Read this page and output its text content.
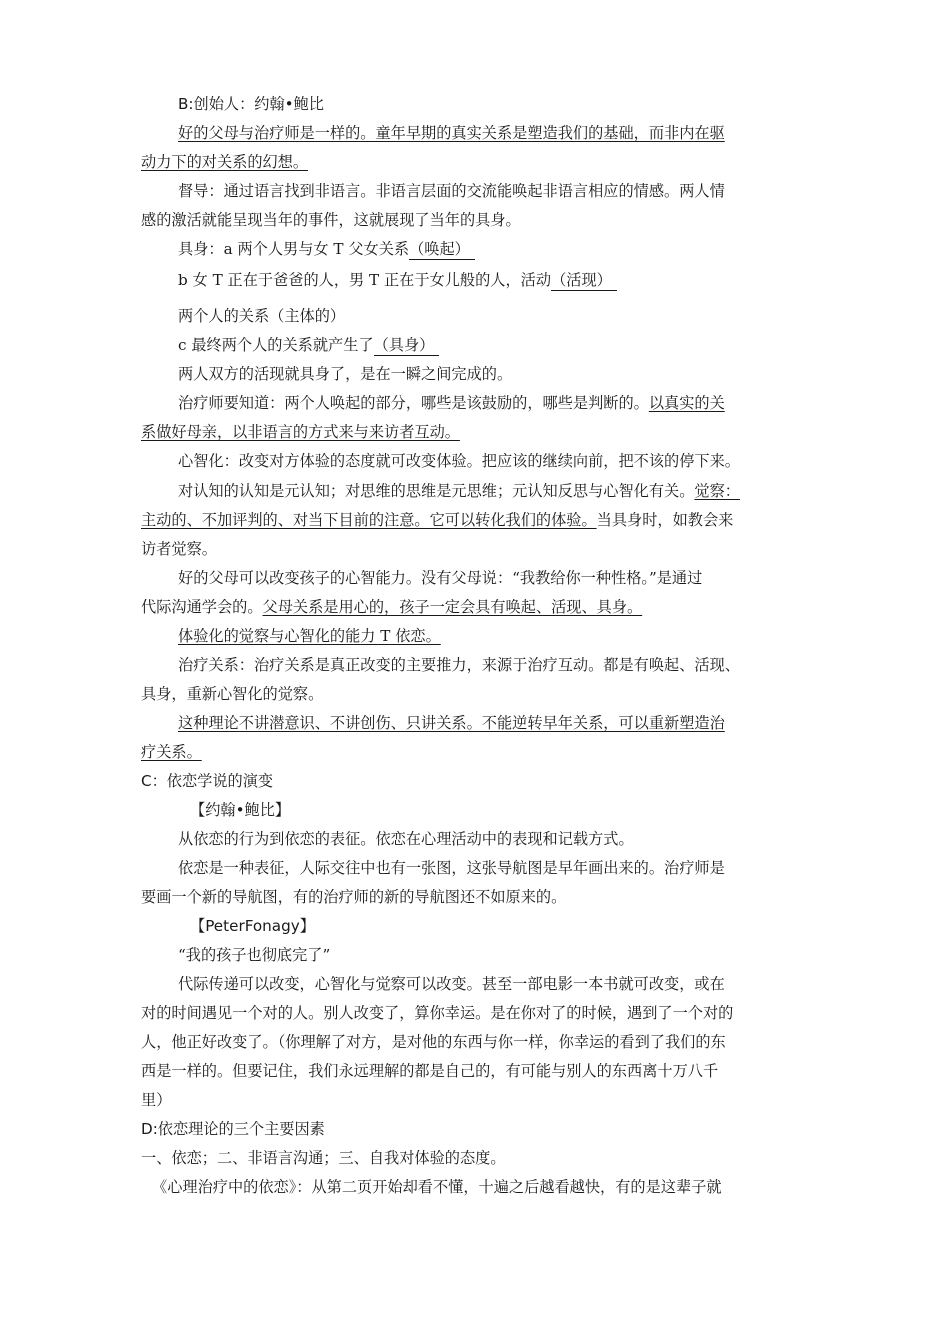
B:创始人：约翰•鲍比
好的父母与治疗师是一样的。童年早期的真实关系是塑造我们的基础，而非内在驱
动力下的对关系的幻想。
督导：通过语言找到非语言。非语言层面的交流能唤起非语言相应的情感。两人情
感的激活就能呈现当年的事件，这就展现了当年的具身。
具身：a 两个人男与女 T 父女关系（唤起）
b 女 T 正在于爸爸的人，男 T 正在于女儿般的人，活动（活现）
两个人的关系（主体的）
c 最终两个人的关系就产生了（具身）
两人双方的活现就具身了，是在一瞬之间完成的。
治疗师要知道：两个人唤起的部分，哪些是该鼓励的，哪些是判断的。以真实的关
系做好母亲，以非语言的方式来与来访者互动。
心智化：改变对方体验的态度就可改变体验。把应该的继续向前，把不该的停下来。
对认知的认知是元认知；对思维的思维是元思维；元认知反思与心智化有关。觉察：
主动的、不加评判的、对当下目前的注意。它可以转化我们的体验。当具身时，如教会来
访者觉察。
好的父母可以改变孩子的心智能力。没有父母说：“我教给你一种性格。”是通过
代际沟通学会的。父母关系是用心的，孩子一定会具有唤起、活现、具身。
体验化的觉察与心智化的能力 T 依恋。
治疗关系：治疗关系是真正改变的主要推力，来源于治疗互动。都是有唤起、活现、
具身，重新心智化的觉察。
这种理论不讲潜意识、不讲创伤、只讲关系。不能逆转早年关系，可以重新塑造治
疗关系。
C：依恋学说的演变
【约翰•鲍比】
从依恋的行为到依恋的表征。依恋在心理活动中的表现和记载方式。
依恋是一种表征，人际交往中也有一张图，这张导航图是早年画出来的。治疗师是
要画一个新的导航图，有的治疗师的新的导航图还不如原来的。
【PeterFonagy】
“我的孩子也彻底完了”
代际传递可以改变，心智化与觉察可以改变。甚至一部电影一本书就可改变，或在
对的时间遇见一个对的人。别人改变了，算你幸运。是在你对了的时候，遇到了一个对的
人，他正好改变了。（你理解了对方，是对他的东西与你一样，你幸运的看到了我们的东
西是一样的。但要记住，我们永远理解的都是自己的，有可能与别人的东西离十万八千
里）
D:依恋理论的三个主要因素
一、依恋；二、非语言沟通；三、自我对体验的态度。
《心理治疗中的依恋》：从第二页开始却看不懂，十遍之后越看越快，有的是这辈子就
